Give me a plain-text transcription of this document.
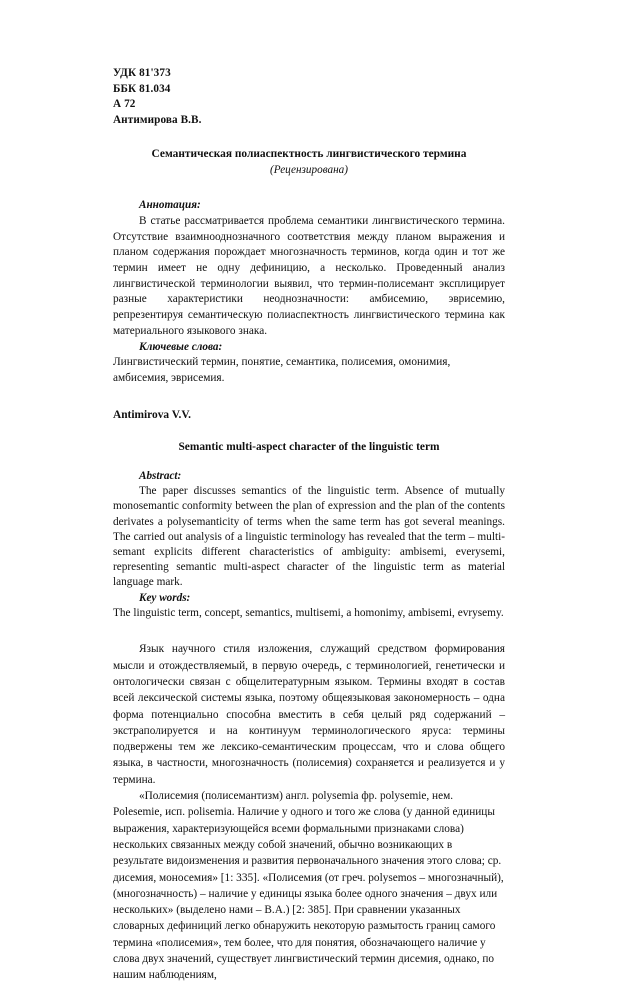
УДК 81'373
ББК 81.034
А 72
Антимирова В.В.
Семантическая полиаспектность лингвистического термина
(Рецензирована)
Аннотация:
В статье рассматривается проблема семантики лингвистического термина. Отсутствие взаимнооднозначного соответствия между планом выражения и планом содержания порождает многозначность терминов, когда один и тот же термин имеет не одну дефиницию, а несколько. Проведенный анализ лингвистической терминологии выявил, что термин-полисемант эксплицирует разные характеристики неоднозначности: амбисемию, эврисемию, репрезентируя семантическую полиаспектность лингвистического термина как материального языкового знака.
Ключевые слова:
Лингвистический термин, понятие, семантика, полисемия, омонимия, амбисемия, эврисемия.
Antimirova V.V.
Semantic multi-aspect character of the linguistic term
Abstract:
The paper discusses semantics of the linguistic term. Absence of mutually monosemantic conformity between the plan of expression and the plan of the contents derivates a polysemanticity of terms when the same term has got several meanings. The carried out analysis of a linguistic terminology has revealed that the term – multi-semant explicits different characteristics of ambiguity: ambisemi, everysemi, representing semantic multi-aspect character of the linguistic term as material language mark.
Key words:
The linguistic term, concept, semantics, multisemi, a homonimy, ambisemi, evrysemy.
Язык научного стиля изложения, служащий средством формирования мысли и отождествляемый, в первую очередь, с терминологией, генетически и онтологически связан с общелитературным языком. Термины входят в состав всей лексической системы языка, поэтому общеязыковая закономерность – одна форма потенциально способна вместить в себя целый ряд содержаний – экстраполируется и на континуум терминологического яруса: термины подвержены тем же лексико-семантическим процессам, что и слова общего языка, в частности, многозначность (полисемия) сохраняется и реализуется и у термина.
«Полисемия (полисемантизм) англ. polysemia фр. polysemie, нем. Polesemie, исп. polisemia. Наличие у одного и того же слова (у данной единицы выражения, характеризующейся всеми формальными признаками слова) нескольких связанных между собой значений, обычно возникающих в результате видоизменения и развития первоначального значения этого слова; ср. дисемия, моносемия» [1: 335]. «Полисемия (от греч. polysemos – многозначный), (многозначность) – наличие у единицы языка более одного значения – двух или нескольких» (выделено нами – В.А.) [2: 385]. При сравнении указанных словарных дефиниций легко обнаружить некоторую размытость границ самого термина «полисемия», тем более, что для понятия, обозначающего наличие у слова двух значений, существует лингвистический термин дисемия, однако, по нашим наблюдениям,
